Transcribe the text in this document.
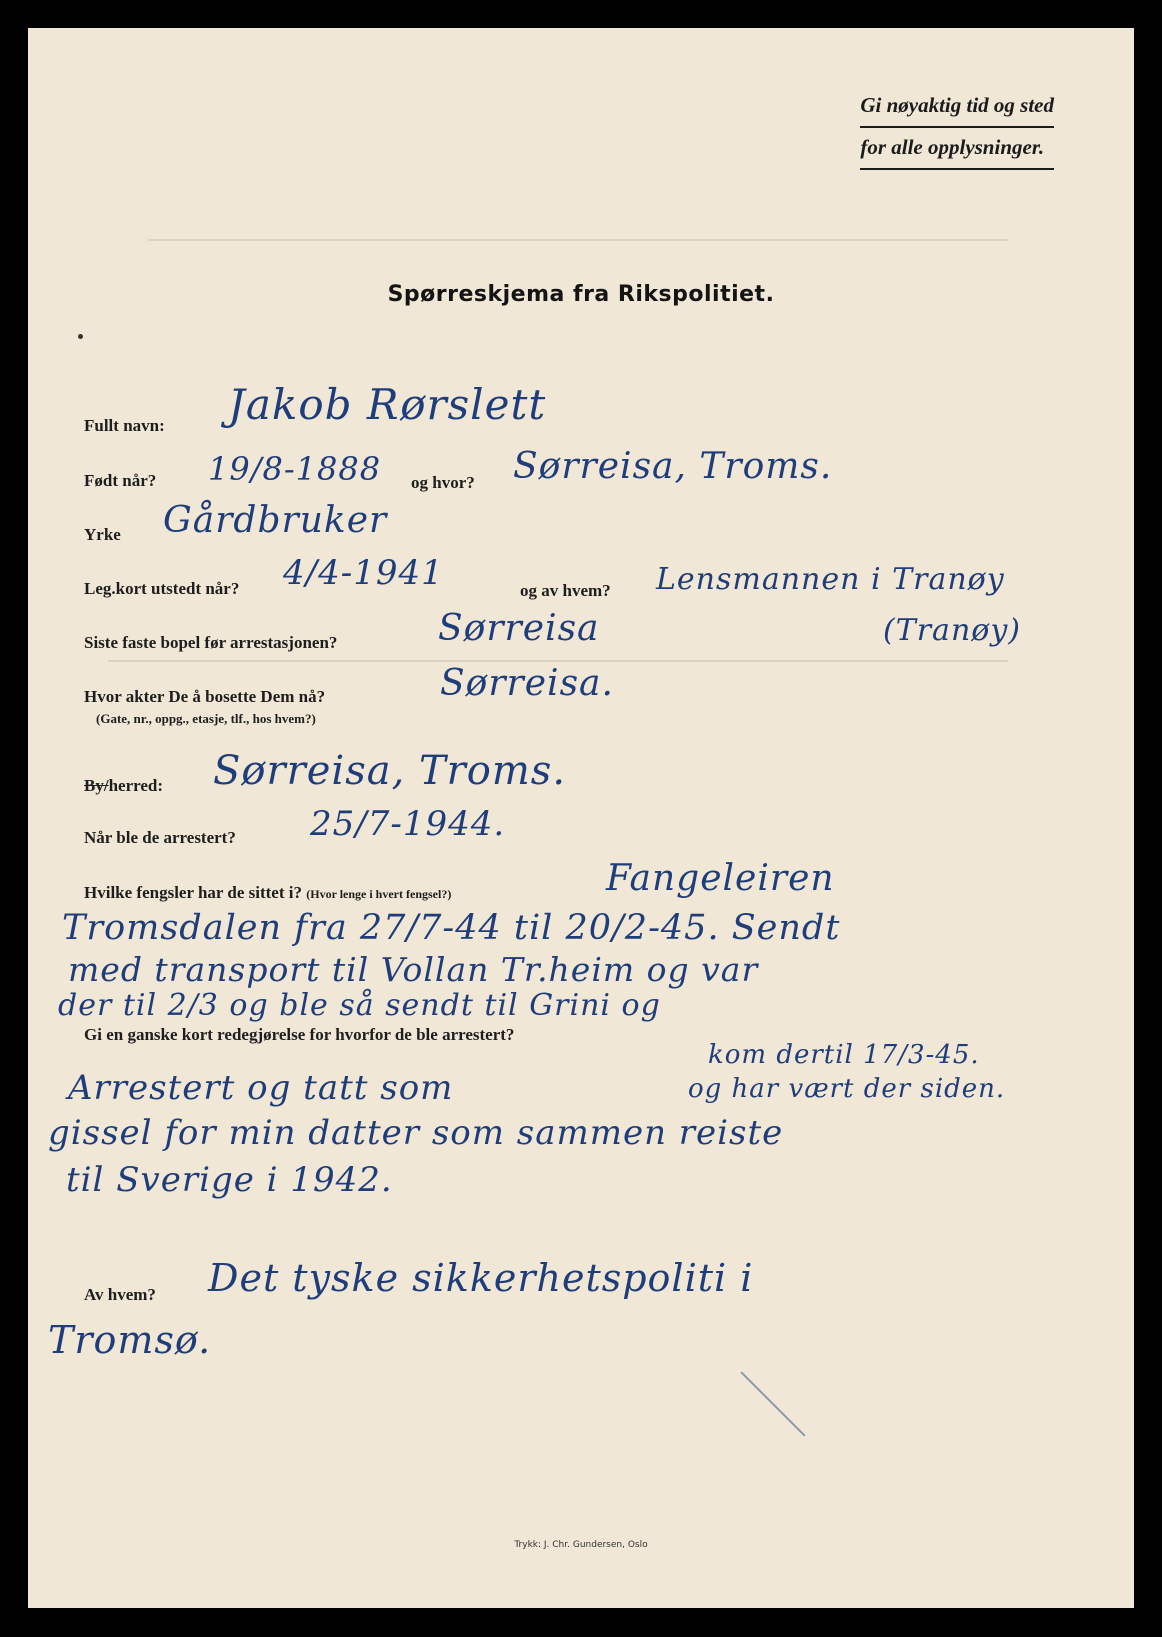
Gi nøyaktig tid og sted
for alle opplysninger.
Spørreskjema fra Rikspolitiet.
Fullt navn: Jakob Rørslett
Født når? 19/8-1888 og hvor? Sørreisa, Troms.
Yrke Gårdbruker
Leg.kort utstedt når? 4/4-1941	og av hvem? Lensmannen i Tranøy
(Tranøy)
Siste faste bopel før arrestasjonen?	Sørreisa
Hvor akter De å bosette Dem nå?
(Gate, nr., oppg., etasje, tlf., hos hvem?)
Sørreisa.
By/herred: Sørreisa, Troms.
Når ble de arrestert? 25/7-1944.
Hvilke fengsler har de sittet i? (Hvor lenge i hvert fengsel?)	Fangeleiren
Tromsdalen fra 27/7-44 til 20/2-45. Sendt
med transport til Vollan Tr.heim og var
der til 2/3 og ble så sendt til Grini og
kom dertil 17/3-45.
og har vært der siden.
Gi en ganske kort redegjørelse for hvorfor de ble arrestert?
Arrestert og tatt som
gissel for min datter som sammen reiste
til Sverige i 1942.
Av hvem? Det tyske sikkerhetspoliti i
Tromsø.
Trykk: J. Chr. Gundersen, Oslo
